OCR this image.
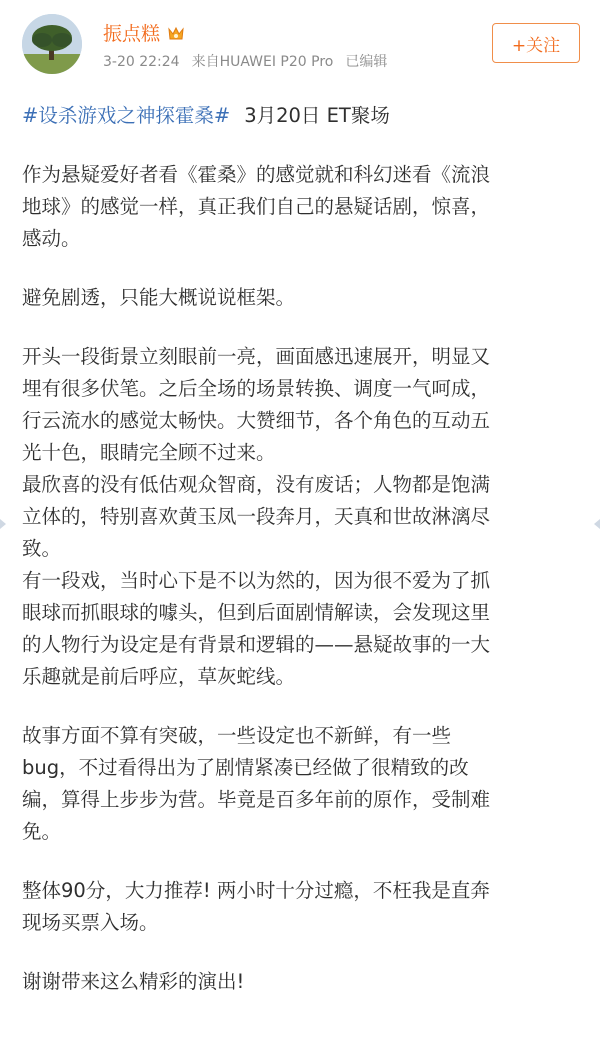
振点糕
3-20 22:24 来自HUAWEI P20 Pro 已编辑
+关注
#设杀游戏之神探霍桑# 3月20日 ET聚场
作为悬疑爱好者看《霍桑》的感觉就和科幻迷看《流浪
地球》的感觉一样，真正我们自己的悬疑话剧，惊喜，
感动。
避免剧透，只能大概说说框架。
开头一段街景立刻眼前一亮，画面感迅速展开，明显又
埋有很多伏笔。之后全场的场景转换、调度一气呵成，
行云流水的感觉太畅快。大赞细节，各个角色的互动五
光十色，眼睛完全顾不过来。
最欣喜的没有低估观众智商，没有废话；人物都是饱满
立体的，特别喜欢黄玉凤一段奔月，天真和世故淋漓尽
致。
有一段戏，当时心下是不以为然的，因为很不爱为了抓
眼球而抓眼球的噱头，但到后面剧情解读，会发现这里
的人物行为设定是有背景和逻辑的——悬疑故事的一大
乐趣就是前后呼应，草灰蛇线。
故事方面不算有突破，一些设定也不新鲜，有一些
bug，不过看得出为了剧情紧凑已经做了很精致的改
编，算得上步步为营。毕竟是百多年前的原作，受制难
免。
整体90分，大力推荐! 两小时十分过瘾，不枉我是直奔
现场买票入场。
谢谢带来这么精彩的演出!
